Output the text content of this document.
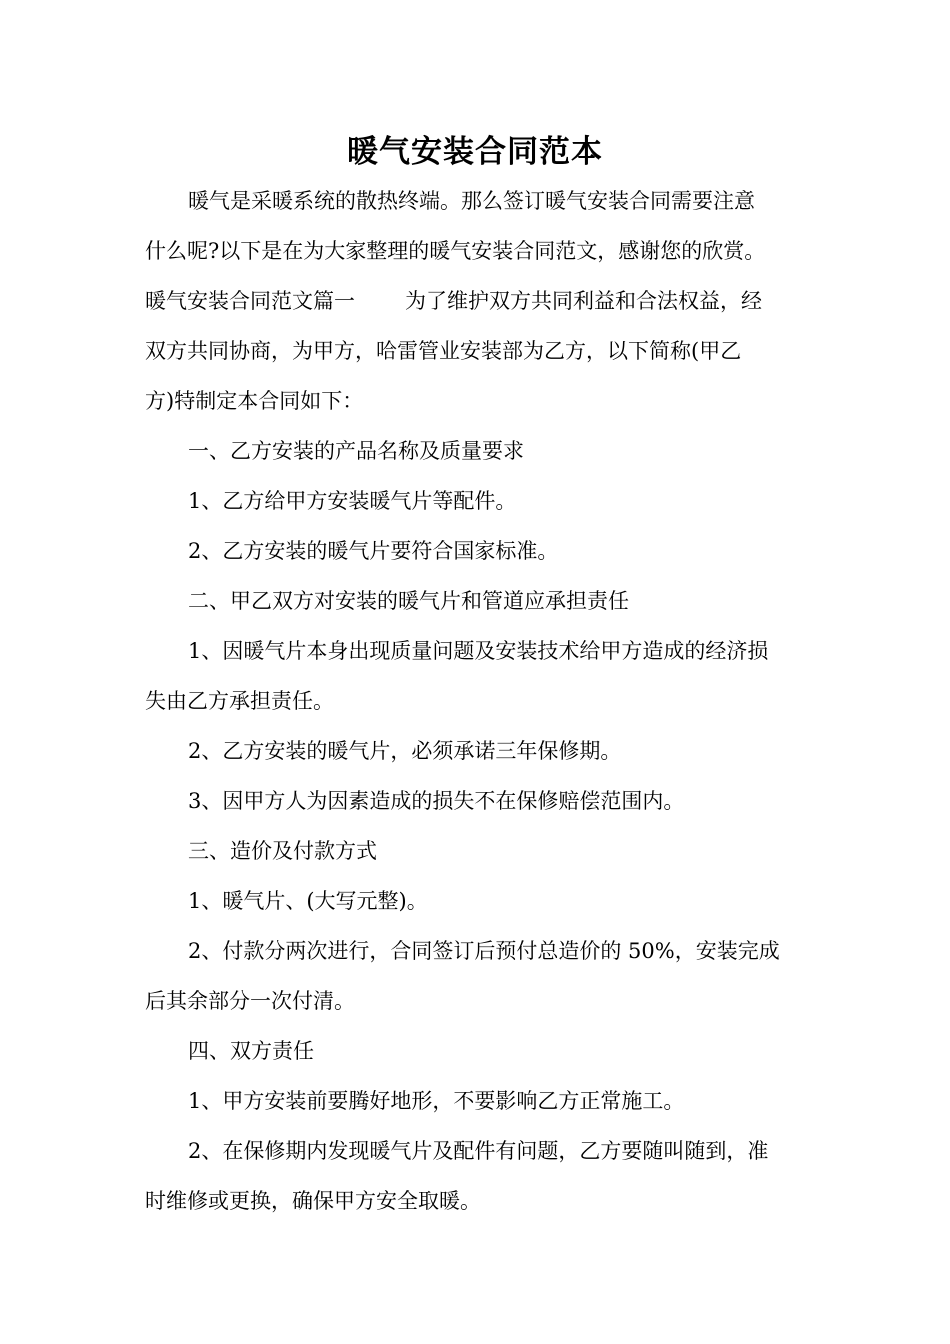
暖气安装合同范本
暖气是采暖系统的散热终端。那么签订暖气安装合同需要注意
什么呢?以下是在为大家整理的暖气安装合同范文，感谢您的欣赏。
暖气安装合同范文篇一 为了维护双方共同利益和合法权益，经
双方共同协商，为甲方，哈雷管业安装部为乙方，以下简称(甲乙
方)特制定本合同如下：
一、乙方安装的产品名称及质量要求
1、乙方给甲方安装暖气片等配件。
2、乙方安装的暖气片要符合国家标准。
二、甲乙双方对安装的暖气片和管道应承担责任
1、因暖气片本身出现质量问题及安装技术给甲方造成的经济损
失由乙方承担责任。
2、乙方安装的暖气片，必须承诺三年保修期。
3、因甲方人为因素造成的损失不在保修赔偿范围内。
三、造价及付款方式
1、暖气片、(大写元整)。
2、付款分两次进行，合同签订后预付总造价的 50%，安装完成
后其余部分一次付清。
四、双方责任
1、甲方安装前要腾好地形，不要影响乙方正常施工。
2、在保修期内发现暖气片及配件有问题，乙方要随叫随到，准
时维修或更换，确保甲方安全取暖。
